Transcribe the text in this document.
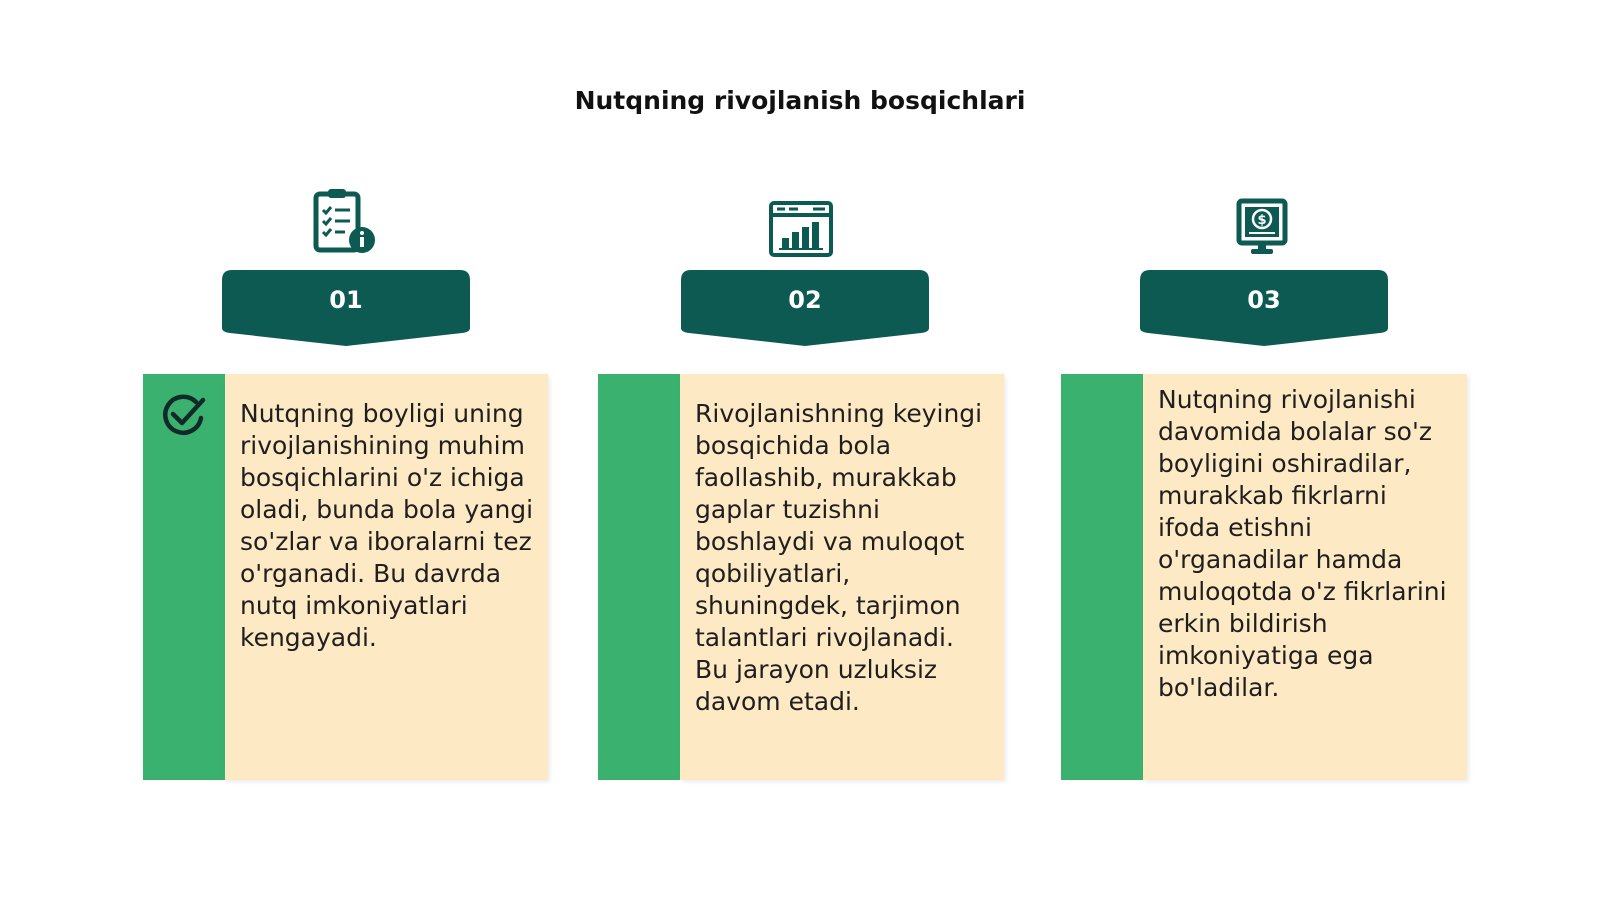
Nutqning rivojlanish bosqichlari
$
01	02	03
Nutqning boyligi uning rivojlanishining muhim bosqichlarini o'z ichiga oladi, bunda bola yangi so'zlar va iboralarni tez o'rganadi. Bu davrda nutq imkoniyatlari kengayadi.
Rivojlanishning keyingi bosqichida bola faollashib, murakkab gaplar tuzishni boshlaydi va muloqot qobiliyatlari, shuningdek, tarjimon talantlari rivojlanadi. Bu jarayon uzluksiz davom etadi.
Nutqning rivojlanishi davomida bolalar so'z boyligini oshiradilar, murakkab fikrlarni ifoda etishni o'rganadilar hamda muloqotda o'z fikrlarini erkin bildirish imkoniyatiga ega bo'ladilar.
